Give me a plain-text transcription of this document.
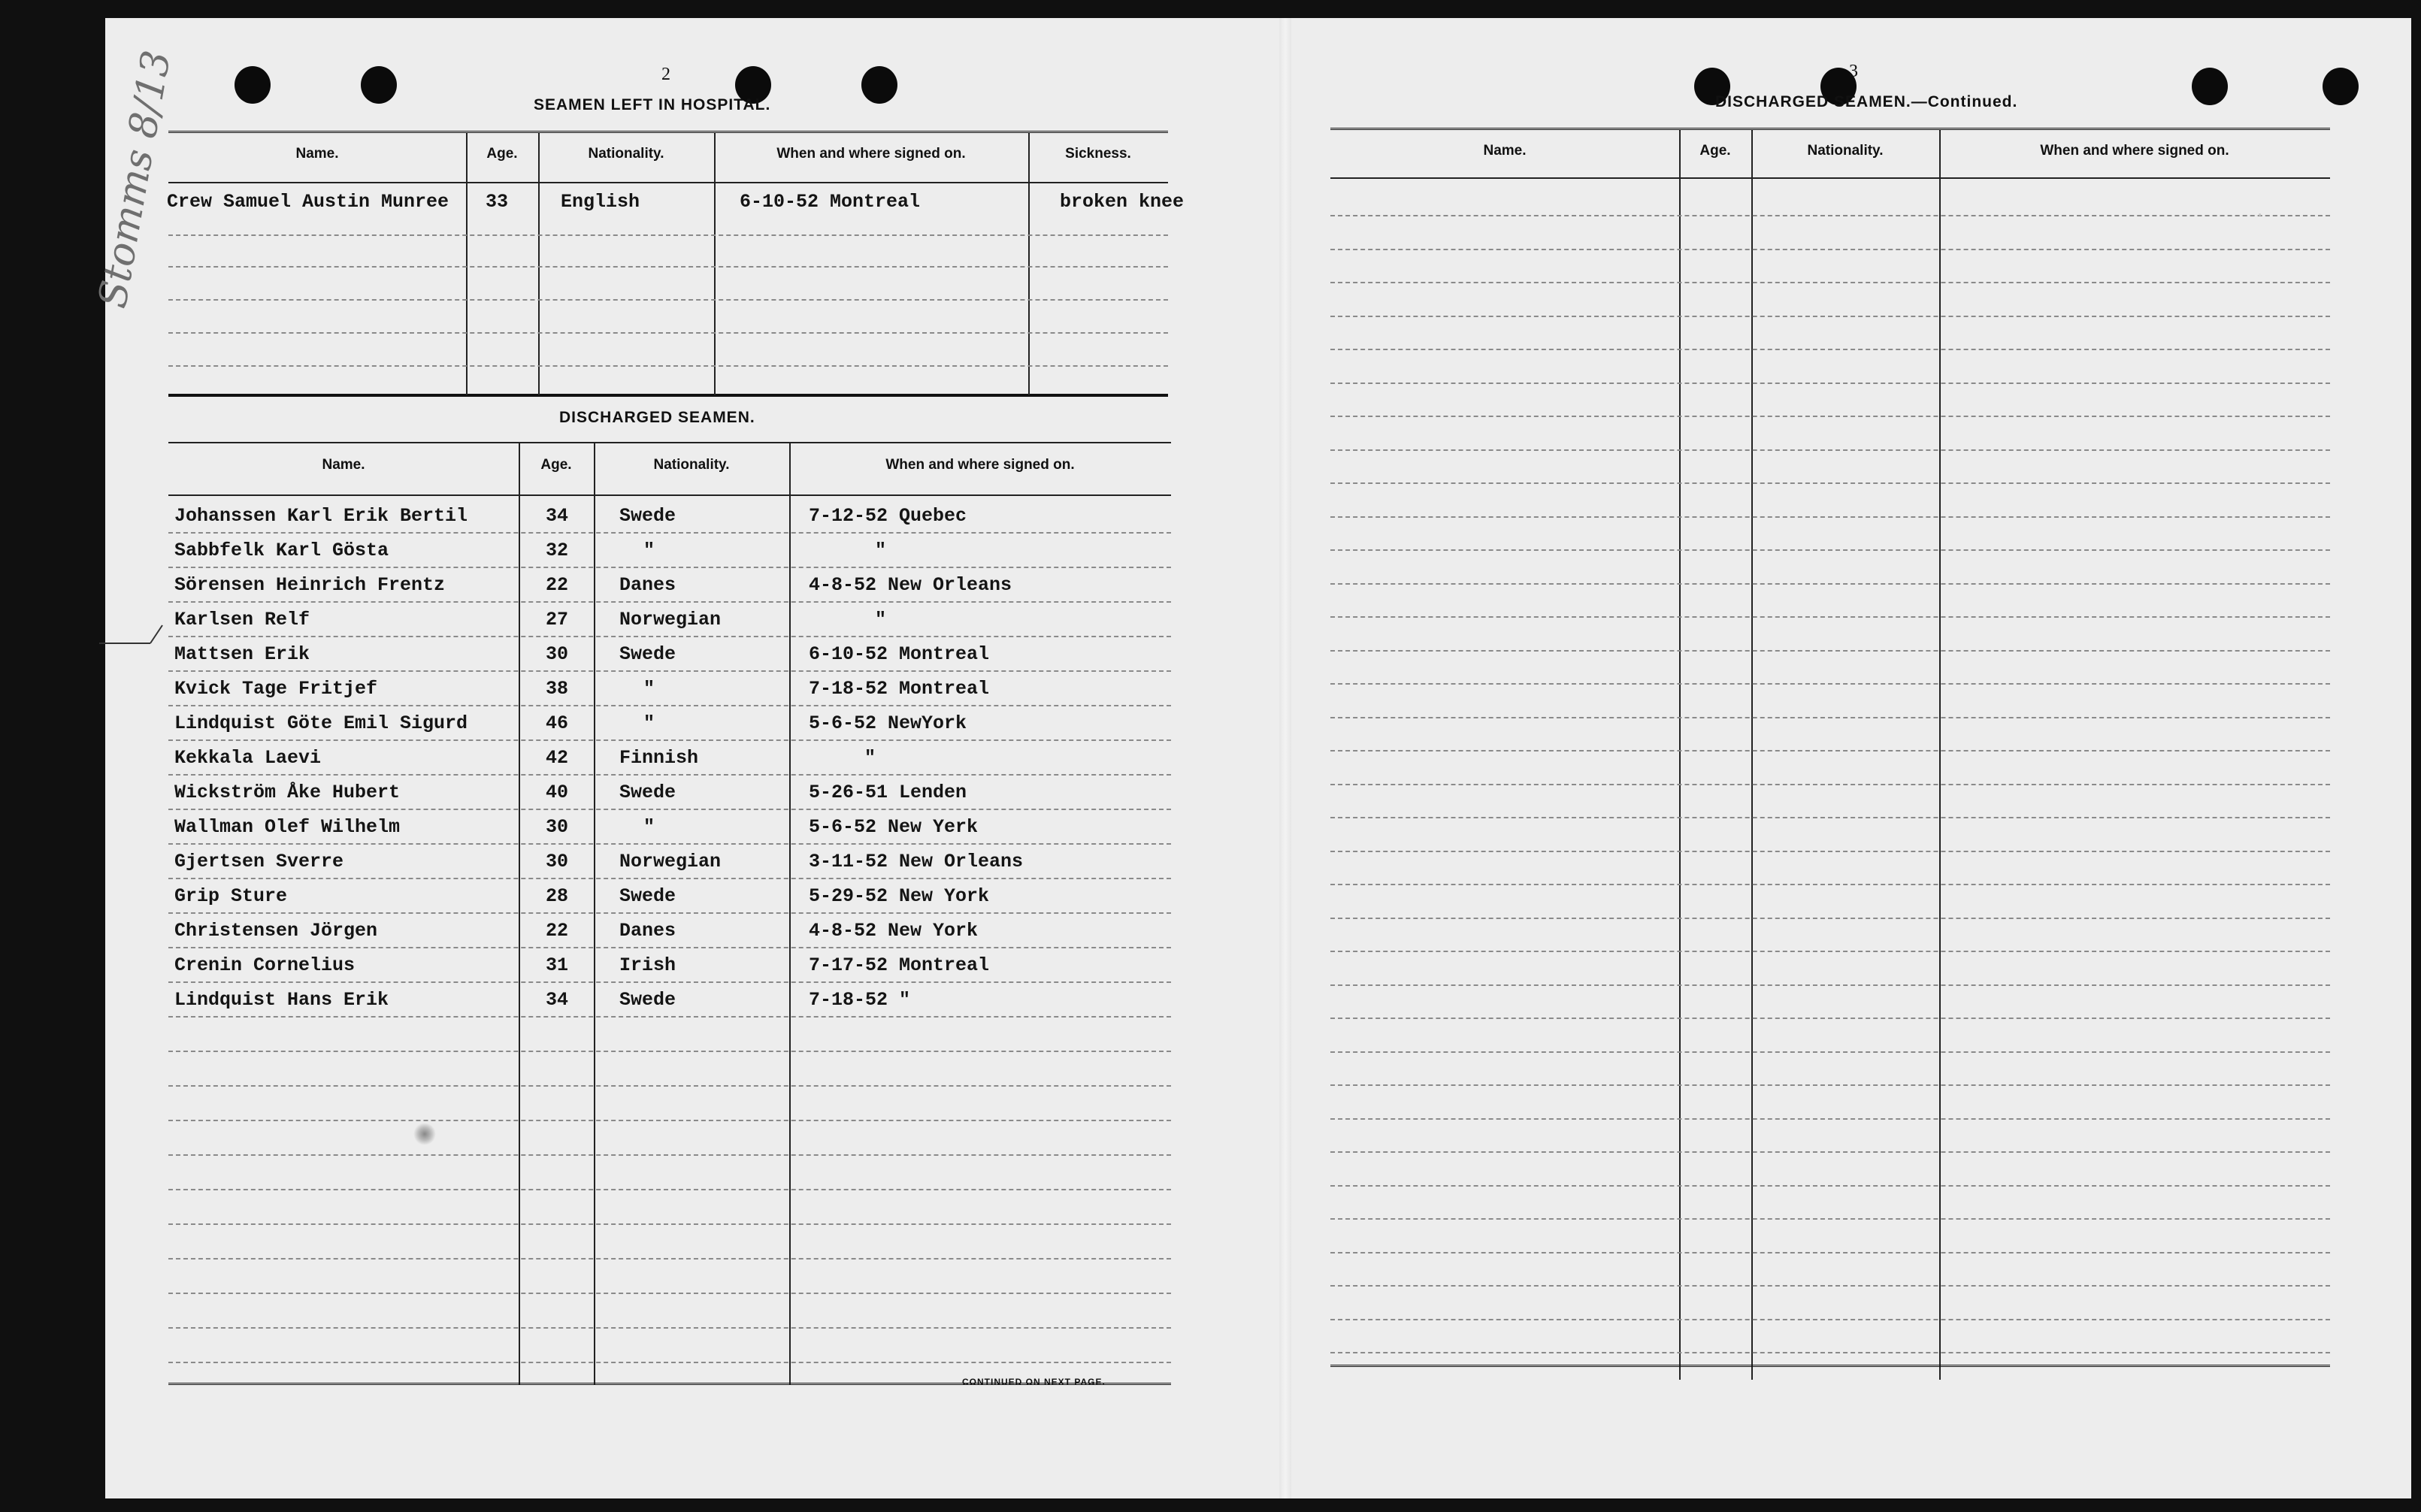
Stomms 8/13	2
SEAMEN LEFT IN HOSPITAL.
Name.	Age.	Nationality.	When and where signed on.	Sickness.
Crew Samuel Austin Munree 33	English	6-10-52 Montreal	broken knee
DISCHARGED SEAMEN.
Name.	Age.	Nationality.	When and where signed on.
Johanssen Karl Erik Bertil	34	Swede	7-12-52 Quebec
Sabbfelk Karl Gösta	32	"	"
Sörensen Heinrich Frentz	22	Danes	4-8-52 New Orleans
Karlsen Relf	27	Norwegian	"
Mattsen Erik	30	Swede	6-10-52 Montreal
Kvick Tage Fritjef	38	"	7-18-52 Montreal
Lindquist Göte Emil Sigurd	46	"	5-6-52 NewYork
Kekkala Laevi	42	Finnish	"
Wickström Åke Hubert	40	Swede	5-26-51 Lenden
Wallman Olef Wilhelm	30	"	5-6-52 New Yerk
Gjertsen Sverre	30	Norwegian	3-11-52 New Orleans
Grip Sture	28	Swede	5-29-52 New York
Christensen Jörgen	22	Danes	4-8-52 New York
Crenin Cornelius	31	Irish	7-17-52 Montreal
Lindquist Hans Erik	34	Swede	7-18-52 "
CONTINUED ON NEXT PAGE.
3
DISCHARGED SEAMEN.—Continued.
Name.	Age.	Nationality.	When and where signed on.
·
